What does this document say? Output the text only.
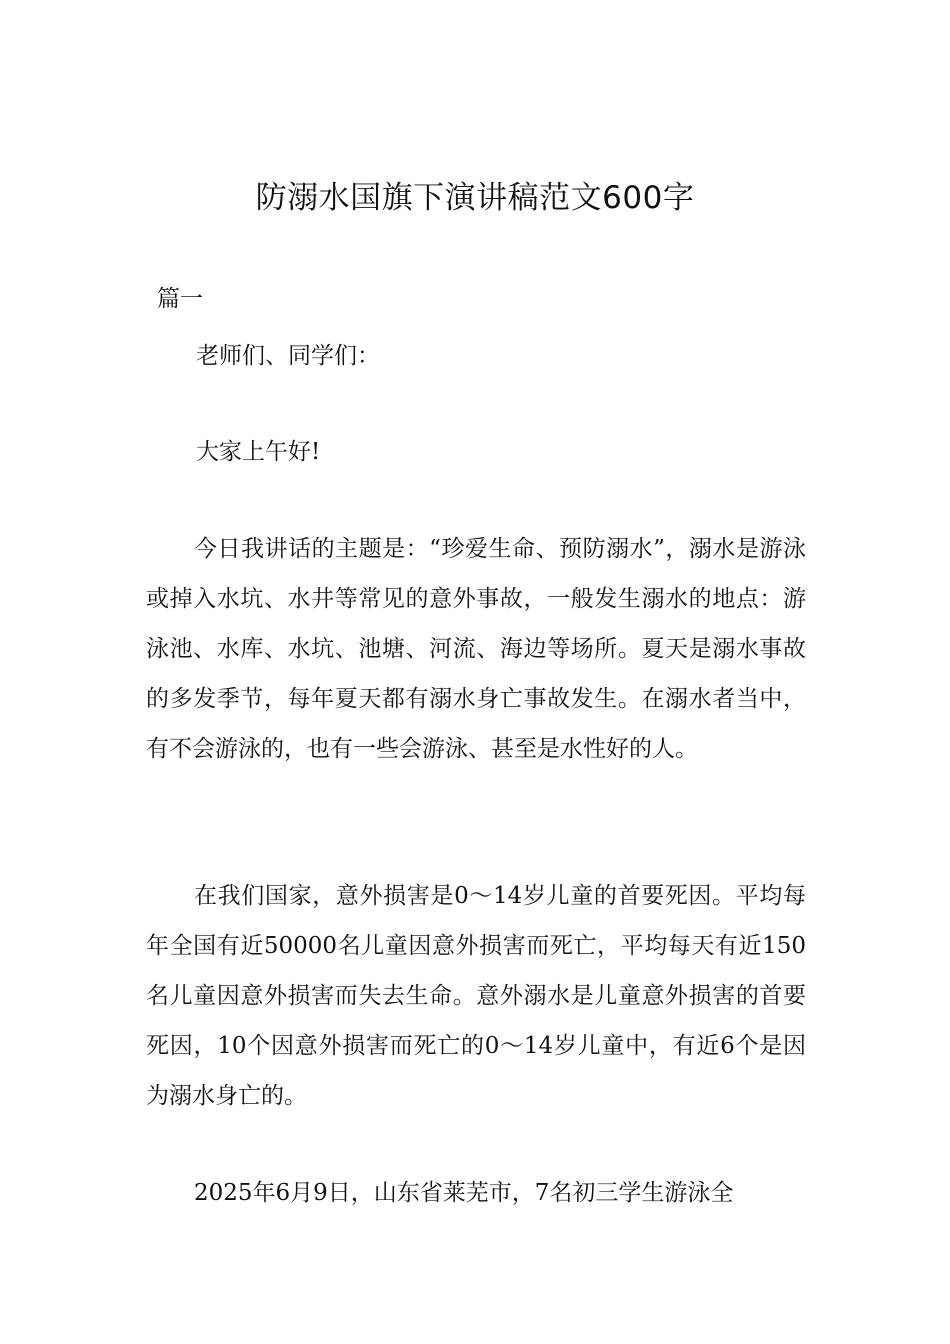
防溺水国旗下演讲稿范文600字

篇一

老师们、同学们：

大家上午好!

今日我讲话的主题是：“珍爱生命、预防溺水”，溺水是游泳或掉入水坑、水井等常见的意外事故，一般发生溺水的地点：游泳池、水库、水坑、池塘、河流、海边等场所。夏天是溺水事故的多发季节，每年夏天都有溺水身亡事故发生。在溺水者当中，有不会游泳的，也有一些会游泳、甚至是水性好的人。

在我们国家，意外损害是0～14岁儿童的首要死因。平均每年全国有近50000名儿童因意外损害而死亡，平均每天有近150名儿童因意外损害而失去生命。意外溺水是儿童意外损害的首要死因，10个因意外损害而死亡的0～14岁儿童中，有近6个是因为溺水身亡的。

2025年6月9日，山东省莱芜市，7名初三学生游泳全
